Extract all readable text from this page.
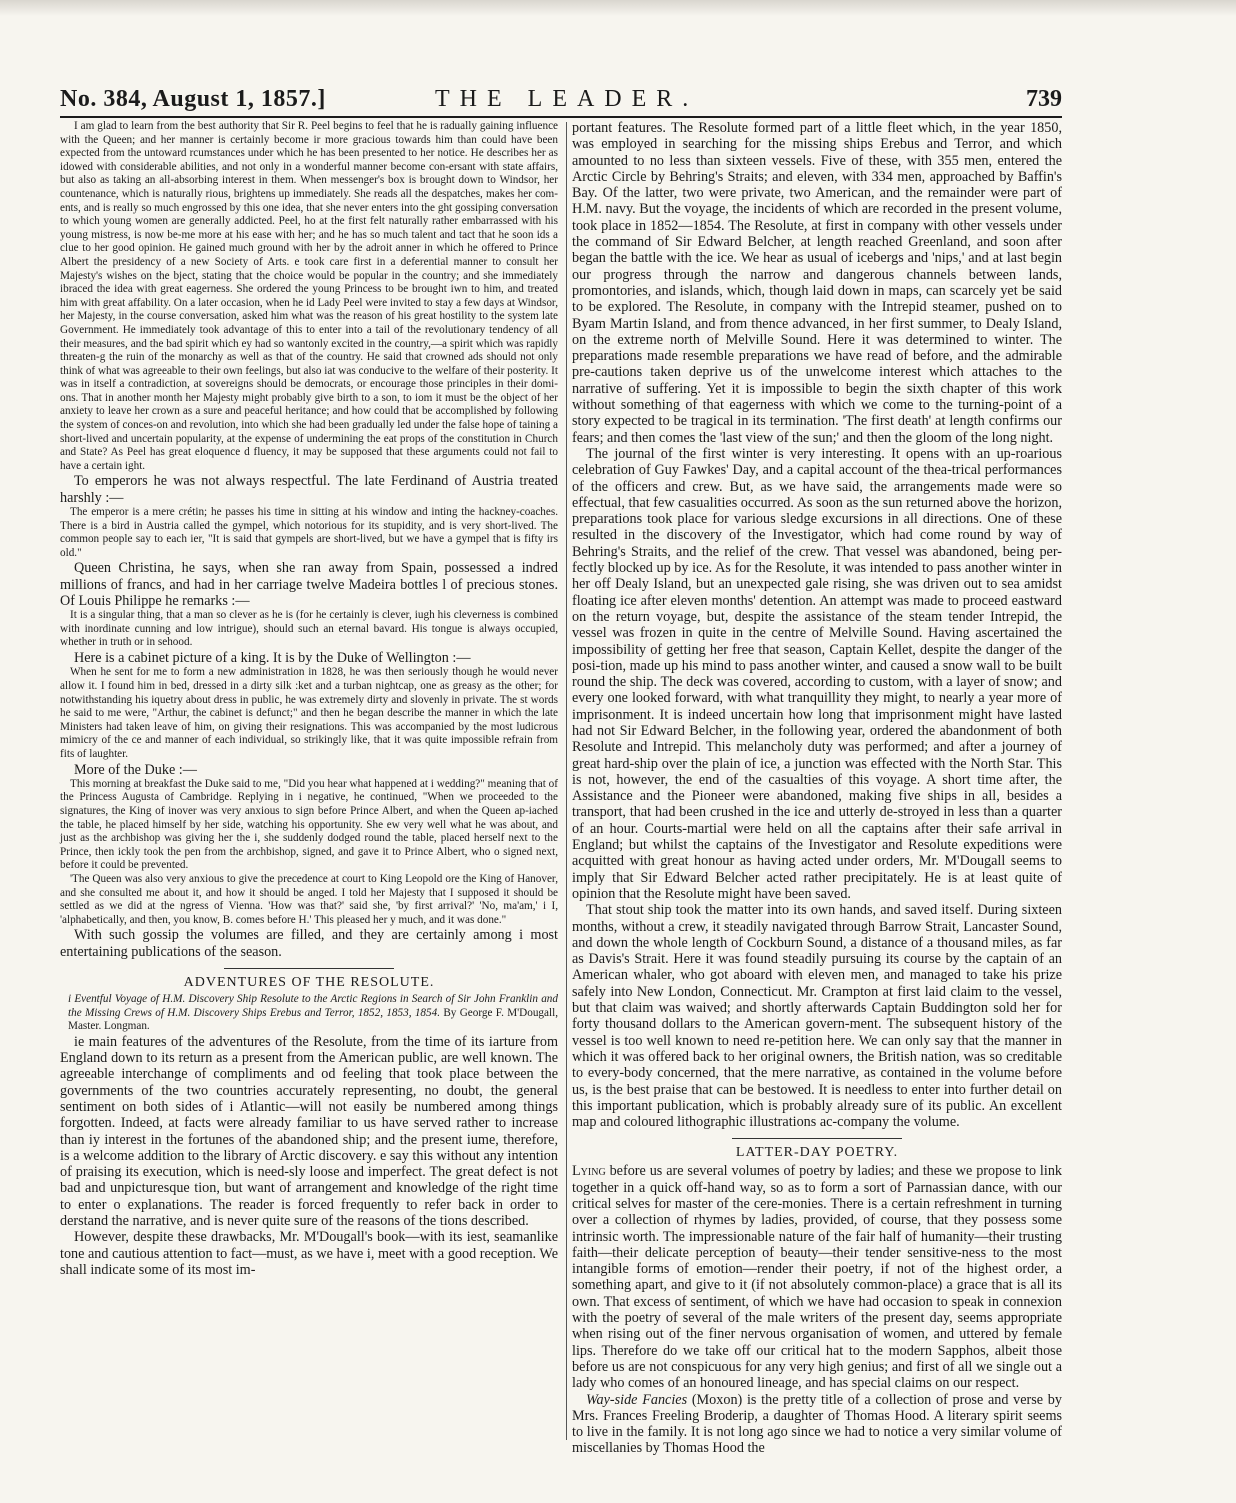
No. 384, August 1, 1857.]	THE LEADER.	739

I am glad to learn from the best authority that Sir R. Peel begins to feel that he is radually gaining influence with the Queen; and her manner is certainly become ir more gracious towards him than could have been expected from the untoward rcumstances under which he has been presented to her notice. He describes her as idowed with considerable abilities, and not only in a wonderful manner become con-ersant with state affairs, but also as taking an all-absorbing interest in them. When messenger's box is brought down to Windsor, her countenance, which is naturally rious, brightens up immediately. She reads all the despatches, makes her com-ents, and is really so much engrossed by this one idea, that she never enters into the ght gossiping conversation to which young women are generally addicted. Peel, ho at the first felt naturally rather embarrassed with his young mistress, is now be-me more at his ease with her; and he has so much talent and tact that he soon ids a clue to her good opinion. He gained much ground with her by the adroit anner in which he offered to Prince Albert the presidency of a new Society of Arts. e took care first in a deferential manner to consult her Majesty's wishes on the bject, stating that the choice would be popular in the country; and she immediately ibraced the idea with great eagerness. She ordered the young Princess to be brought iwn to him, and treated him with great affability. On a later occasion, when he id Lady Peel were invited to stay a few days at Windsor, her Majesty, in the course conversation, asked him what was the reason of his great hostility to the system late Government. He immediately took advantage of this to enter into a tail of the revolutionary tendency of all their measures, and the bad spirit which ey had so wantonly excited in the country,—a spirit which was rapidly threaten-g the ruin of the monarchy as well as that of the country. He said that crowned ads should not only think of what was agreeable to their own feelings, but also iat was conducive to the welfare of their posterity. It was in itself a contradiction, at sovereigns should be democrats, or encourage those principles in their domi-ons. That in another month her Majesty might probably give birth to a son, to iom it must be the object of her anxiety to leave her crown as a sure and peaceful heritance; and how could that be accomplished by following the system of conces-on and revolution, into which she had been gradually led under the false hope of taining a short-lived and uncertain popularity, at the expense of undermining the eat props of the constitution in Church and State? As Peel has great eloquence d fluency, it may be supposed that these arguments could not fail to have a certain ight.

To emperors he was not always respectful. The late Ferdinand of Austria treated harshly :—

The emperor is a mere crétin; he passes his time in sitting at his window and inting the hackney-coaches. There is a bird in Austria called the gympel, which notorious for its stupidity, and is very short-lived. The common people say to each ier, "It is said that gympels are short-lived, but we have a gympel that is fifty irs old."

Queen Christina, he says, when she ran away from Spain, possessed a indred millions of francs, and had in her carriage twelve Madeira bottles l of precious stones. Of Louis Philippe he remarks :—

It is a singular thing, that a man so clever as he is (for he certainly is clever, iugh his cleverness is combined with inordinate cunning and low intrigue), should such an eternal bavard. His tongue is always occupied, whether in truth or in sehood.

Here is a cabinet picture of a king. It is by the Duke of Wellington :—

When he sent for me to form a new administration in 1828, he was then seriously though he would never allow it. I found him in bed, dressed in a dirty silk :ket and a turban nightcap, one as greasy as the other; for notwithstanding his iquetry about dress in public, he was extremely dirty and slovenly in private. The st words he said to me were, "Arthur, the cabinet is defunct;" and then he began describe the manner in which the late Ministers had taken leave of him, on giving their resignations. This was accompanied by the most ludicrous mimicry of the ce and manner of each individual, so strikingly like, that it was quite impossible refrain from fits of laughter.

More of the Duke :—

This morning at breakfast the Duke said to me, "Did you hear what happened at i wedding?" meaning that of the Princess Augusta of Cambridge. Replying in i negative, he continued, "When we proceeded to the signatures, the King of inover was very anxious to sign before Prince Albert, and when the Queen ap-iached the table, he placed himself by her side, watching his opportunity. She ew very well what he was about, and just as the archbishop was giving her the i, she suddenly dodged round the table, placed herself next to the Prince, then ickly took the pen from the archbishop, signed, and gave it to Prince Albert, who o signed next, before it could be prevented.

'The Queen was also very anxious to give the precedence at court to King Leopold ore the King of Hanover, and she consulted me about it, and how it should be anged. I told her Majesty that I supposed it should be settled as we did at the ngress of Vienna. 'How was that?' said she, 'by first arrival?' 'No, ma'am,' i I, 'alphabetically, and then, you know, B. comes before H.' This pleased her y much, and it was done."

With such gossip the volumes are filled, and they are certainly among i most entertaining publications of the season.

ADVENTURES OF THE RESOLUTE.

i Eventful Voyage of H.M. Discovery Ship Resolute to the Arctic Regions in Search of Sir John Franklin and the Missing Crews of H.M. Discovery Ships Erebus and Terror, 1852, 1853, 1854. By George F. M'Dougall, Master. Longman.

ie main features of the adventures of the Resolute, from the time of its iarture from England down to its return as a present from the American public, are well known. The agreeable interchange of compliments and od feeling that took place between the governments of the two countries accurately representing, no doubt, the general sentiment on both sides of i Atlantic—will not easily be numbered among things forgotten. Indeed, at facts were already familiar to us have served rather to increase than iy interest in the fortunes of the abandoned ship; and the present iume, therefore, is a welcome addition to the library of Arctic discovery. e say this without any intention of praising its execution, which is need-sly loose and imperfect. The great defect is not bad and unpicturesque tion, but want of arrangement and knowledge of the right time to enter o explanations. The reader is forced frequently to refer back in order to derstand the narrative, and is never quite sure of the reasons of the tions described.

However, despite these drawbacks, Mr. M'Dougall's book—with its iest, seamanlike tone and cautious attention to fact—must, as we have i, meet with a good reception. We shall indicate some of its most im-

portant features. The Resolute formed part of a little fleet which, in the year 1850, was employed in searching for the missing ships Erebus and Terror, and which amounted to no less than sixteen vessels. Five of these, with 355 men, entered the Arctic Circle by Behring's Straits; and eleven, with 334 men, approached by Baffin's Bay. Of the latter, two were private, two American, and the remainder were part of H.M. navy. But the voyage, the incidents of which are recorded in the present volume, took place in 1852—1854. The Resolute, at first in company with other vessels under the command of Sir Edward Belcher, at length reached Greenland, and soon after began the battle with the ice. We hear as usual of icebergs and 'nips,' and at last begin our progress through the narrow and dangerous channels between lands, promontories, and islands, which, though laid down in maps, can scarcely yet be said to be explored. The Resolute, in company with the Intrepid steamer, pushed on to Byam Martin Island, and from thence advanced, in her first summer, to Dealy Island, on the extreme north of Melville Sound. Here it was determined to winter. The preparations made resemble preparations we have read of before, and the admirable pre-cautions taken deprive us of the unwelcome interest which attaches to the narrative of suffering. Yet it is impossible to begin the sixth chapter of this work without something of that eagerness with which we come to the turning-point of a story expected to be tragical in its termination. 'The first death' at length confirms our fears; and then comes the 'last view of the sun;' and then the gloom of the long night.

The journal of the first winter is very interesting. It opens with an up-roarious celebration of Guy Fawkes' Day, and a capital account of the thea-trical performances of the officers and crew. But, as we have said, the arrangements made were so effectual, that few casualities occurred. As soon as the sun returned above the horizon, preparations took place for various sledge excursions in all directions. One of these resulted in the discovery of the Investigator, which had come round by way of Behring's Straits, and the relief of the crew. That vessel was abandoned, being per-fectly blocked up by ice. As for the Resolute, it was intended to pass another winter in her off Dealy Island, but an unexpected gale rising, she was driven out to sea amidst floating ice after eleven months' detention. An attempt was made to proceed eastward on the return voyage, but, despite the assistance of the steam tender Intrepid, the vessel was frozen in quite in the centre of Melville Sound. Having ascertained the impossibility of getting her free that season, Captain Kellet, despite the danger of the posi-tion, made up his mind to pass another winter, and caused a snow wall to be built round the ship. The deck was covered, according to custom, with a layer of snow; and every one looked forward, with what tranquillity they might, to nearly a year more of imprisonment. It is indeed uncertain how long that imprisonment might have lasted had not Sir Edward Belcher, in the following year, ordered the abandonment of both Resolute and Intrepid. This melancholy duty was performed; and after a journey of great hard-ship over the plain of ice, a junction was effected with the North Star. This is not, however, the end of the casualties of this voyage. A short time after, the Assistance and the Pioneer were abandoned, making five ships in all, besides a transport, that had been crushed in the ice and utterly de-stroyed in less than a quarter of an hour. Courts-martial were held on all the captains after their safe arrival in England; but whilst the captains of the Investigator and Resolute expeditions were acquitted with great honour as having acted under orders, Mr. M'Dougall seems to imply that Sir Edward Belcher acted rather precipitately. He is at least quite of opinion that the Resolute might have been saved.

That stout ship took the matter into its own hands, and saved itself. During sixteen months, without a crew, it steadily navigated through Barrow Strait, Lancaster Sound, and down the whole length of Cockburn Sound, a distance of a thousand miles, as far as Davis's Strait. Here it was found steadily pursuing its course by the captain of an American whaler, who got aboard with eleven men, and managed to take his prize safely into New London, Connecticut. Mr. Crampton at first laid claim to the vessel, but that claim was waived; and shortly afterwards Captain Buddington sold her for forty thousand dollars to the American govern-ment. The subsequent history of the vessel is too well known to need re-petition here. We can only say that the manner in which it was offered back to her original owners, the British nation, was so creditable to every-body concerned, that the mere narrative, as contained in the volume before us, is the best praise that can be bestowed. It is needless to enter into further detail on this important publication, which is probably already sure of its public. An excellent map and coloured lithographic illustrations ac-company the volume.

LATTER-DAY POETRY.

Lying before us are several volumes of poetry by ladies; and these we propose to link together in a quick off-hand way, so as to form a sort of Parnassian dance, with our critical selves for master of the cere-monies. There is a certain refreshment in turning over a collection of rhymes by ladies, provided, of course, that they possess some intrinsic worth. The impressionable nature of the fair half of humanity—their trusting faith—their delicate perception of beauty—their tender sensitive-ness to the most intangible forms of emotion—render their poetry, if not of the highest order, a something apart, and give to it (if not absolutely common-place) a grace that is all its own. That excess of sentiment, of which we have had occasion to speak in connexion with the poetry of several of the male writers of the present day, seems appropriate when rising out of the finer nervous organisation of women, and uttered by female lips. Therefore do we take off our critical hat to the modern Sapphos, albeit those before us are not conspicuous for any very high genius; and first of all we single out a lady who comes of an honoured lineage, and has special claims on our respect.

Way-side Fancies (Moxon) is the pretty title of a collection of prose and verse by Mrs. Frances Freeling Broderip, a daughter of Thomas Hood. A literary spirit seems to live in the family. It is not long ago since we had to notice a very similar volume of miscellanies by Thomas Hood the
